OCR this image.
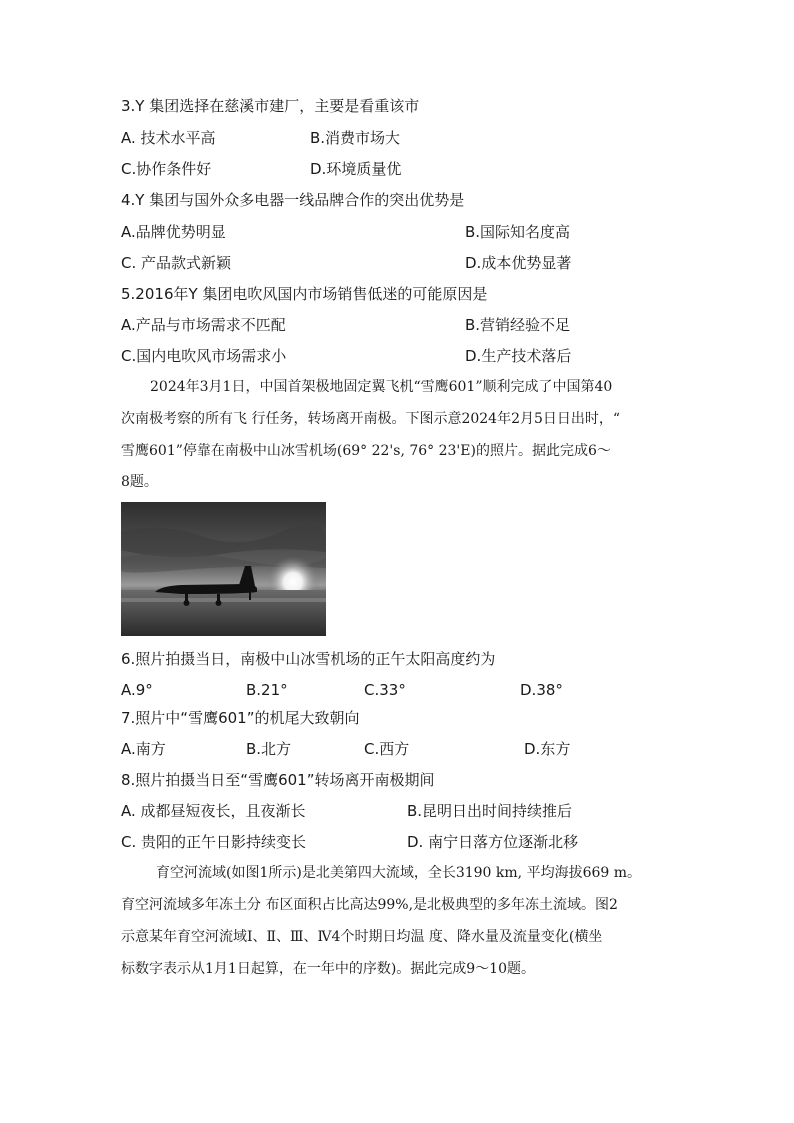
3.Y 集团选择在慈溪市建厂，主要是看重该市
A. 技术水平高	B.消费市场大
C.协作条件好	D.环境质量优
4.Y 集团与国外众多电器一线品牌合作的突出优势是
A.品牌优势明显	B.国际知名度高
C. 产品款式新颖	D.成本优势显著
5.2016年Y 集团电吹风国内市场销售低迷的可能原因是
A.产品与市场需求不匹配	B.营销经验不足
C.国内电吹风市场需求小	D.生产技术落后
2024年3月1日，中国首架极地固定翼飞机“雪鹰601”顺利完成了中国第40
次南极考察的所有飞 行任务，转场离开南极。下图示意2024年2月5日日出时，“
雪鹰601”停靠在南极中山冰雪机场(69° 22's, 76° 23'E)的照片。据此完成6～
8题。
6.照片拍摄当日，南极中山冰雪机场的正午太阳高度约为
A.9°	B.21°	C.33°	D.38°
7.照片中“雪鹰601”的机尾大致朝向
A.南方	B.北方	C.西方	D.东方
8.照片拍摄当日至“雪鹰601”转场离开南极期间
A. 成都昼短夜长，且夜渐长	B.昆明日出时间持续推后
C. 贵阳的正午日影持续变长	D. 南宁日落方位逐渐北移
育空河流域(如图1所示)是北美第四大流域，全长3190 km, 平均海拔669 m。
育空河流域多年冻土分 布区面积占比高达99%,是北极典型的多年冻土流域。图2
示意某年育空河流域Ⅰ、Ⅱ、Ⅲ、Ⅳ4个时期日均温 度、降水量及流量变化(横坐
标数字表示从1月1日起算，在一年中的序数)。据此完成9～10题。
